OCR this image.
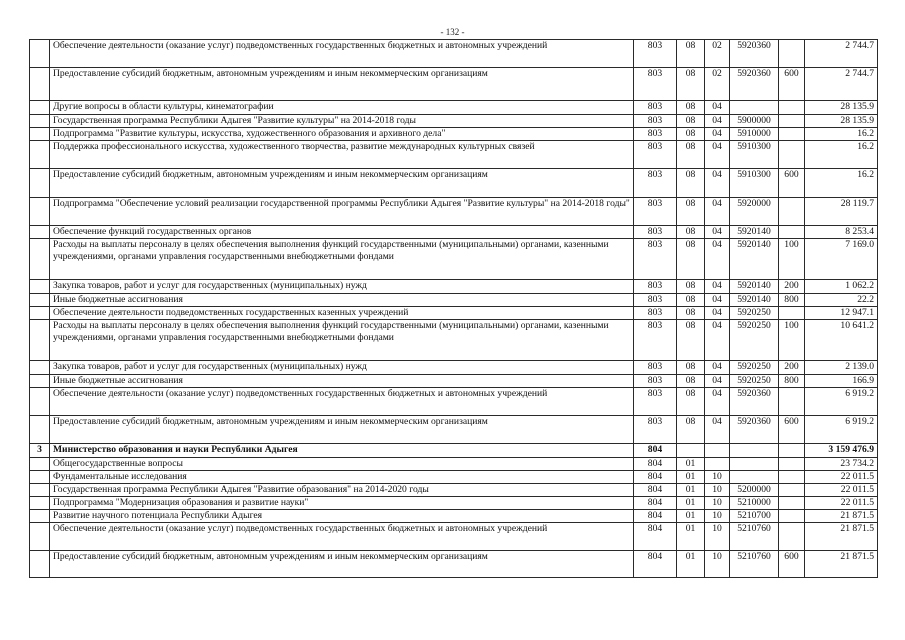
- 132 -
	Обеспечение деятельности (оказание услуг) подведомственных государственных бюджетных и автономных учреждений	803	08	02	5920360		2 744.7
	Предоставление субсидий бюджетным, автономным учреждениям и иным некоммерческим организациям	803	08	02	5920360	600	2 744.7
	Другие вопросы в области культуры, кинематографии	803	08	04			28 135.9
	Государственная программа Республики Адыгея "Развитие культуры" на 2014-2018 годы	803	08	04	5900000		28 135.9
	Подпрограмма "Развитие культуры, искусства, художественного образования и архивного дела"	803	08	04	5910000		16.2
	Поддержка профессионального искусства, художественного творчества, развитие международных культурных связей	803	08	04	5910300		16.2
	Предоставление субсидий бюджетным, автономным учреждениям и иным некоммерческим организациям	803	08	04	5910300	600	16.2
	Подпрограмма "Обеспечение условий реализации государственной программы Республики Адыгея "Развитие культуры" на 2014-2018 годы"	803	08	04	5920000		28 119.7
	Обеспечение функций государственных органов	803	08	04	5920140		8 253.4
	Расходы на выплаты персоналу в целях обеспечения выполнения функций государственными (муниципальными) органами, казенными учреждениями, органами управления государственными внебюджетными фондами	803	08	04	5920140	100	7 169.0
	Закупка товаров, работ и услуг для государственных (муниципальных) нужд	803	08	04	5920140	200	1 062.2
	Иные бюджетные ассигнования	803	08	04	5920140	800	22.2
	Обеспечение деятельности подведомственных государственных казенных учреждений	803	08	04	5920250		12 947.1
	Расходы на выплаты персоналу в целях обеспечения выполнения функций государственными (муниципальными) органами, казенными учреждениями, органами управления государственными внебюджетными фондами	803	08	04	5920250	100	10 641.2
	Закупка товаров, работ и услуг для государственных (муниципальных) нужд	803	08	04	5920250	200	2 139.0
	Иные бюджетные ассигнования	803	08	04	5920250	800	166.9
	Обеспечение деятельности (оказание услуг) подведомственных государственных бюджетных и автономных учреждений	803	08	04	5920360		6 919.2
	Предоставление субсидий бюджетным, автономным учреждениям и иным некоммерческим организациям	803	08	04	5920360	600	6 919.2
3	Министерство образования и науки Республики Адыгея	804					3 159 476.9
	Общегосударственные вопросы	804	01				23 734.2
	Фундаментальные исследования	804	01	10			22 011.5
	Государственная программа Республики Адыгея "Развитие образования" на 2014-2020 годы	804	01	10	5200000		22 011.5
	Подпрограмма "Модернизация образования и развитие науки"	804	01	10	5210000		22 011.5
	Развитие научного потенциала Республики Адыгея	804	01	10	5210700		21 871.5
	Обеспечение деятельности (оказание услуг) подведомственных государственных бюджетных и автономных учреждений	804	01	10	5210760		21 871.5
	Предоставление субсидий бюджетным, автономным учреждениям и иным некоммерческим организациям	804	01	10	5210760	600	21 871.5
